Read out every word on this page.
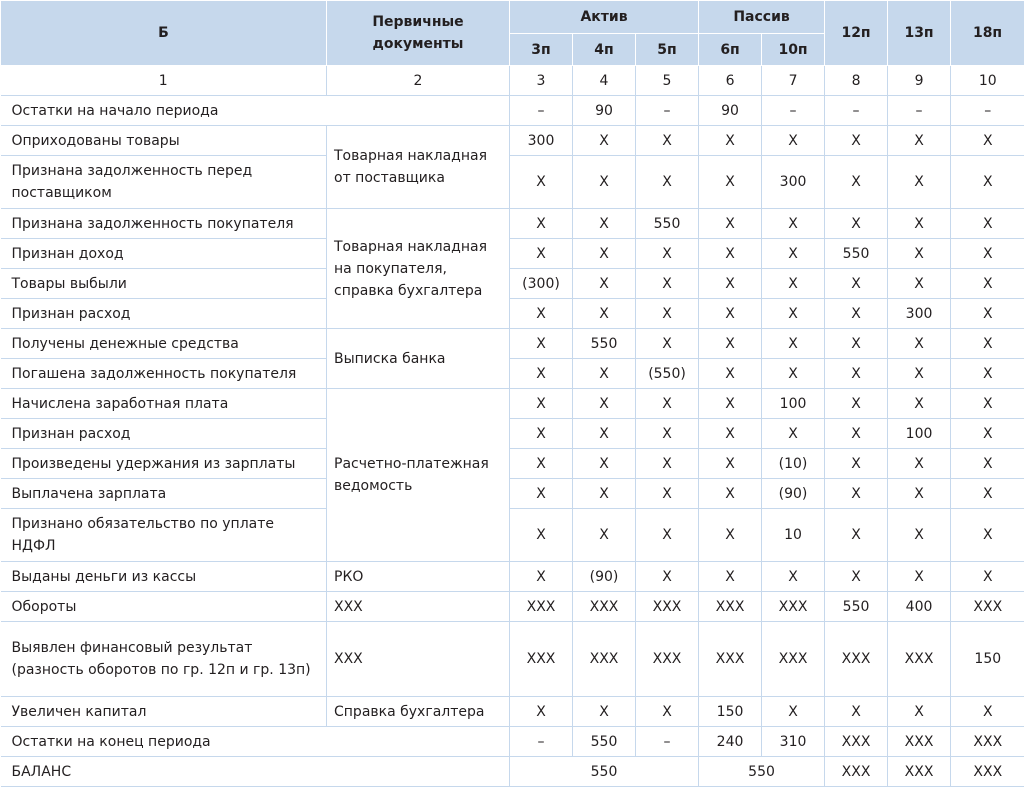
Б	Первичные документы	Актив			Пассив		12п	13п	18п
		3п	4п	5п	6п	10п			
1	2	3	4	5	6	7	8	9	10
Остатки на начало периода		–	90	–	90	–	–	–	–
Оприходованы товары	Товарная накладная от поставщика	300	Х	Х	Х	Х	Х	Х	Х
Признана задолженность перед поставщиком		Х	Х	Х	Х	300	Х	Х	Х
Признана задолженность покупателя	Товарная накладная на покупателя, справка бухгалтера	Х	Х	550	Х	Х	Х	Х	Х
Признан доход		Х	Х	Х	Х	Х	550	Х	Х
Товары выбыли		(300)	Х	Х	Х	Х	Х	Х	Х
Признан расход		Х	Х	Х	Х	Х	Х	300	Х
Получены денежные средства	Выписка банка	Х	550	Х	Х	Х	Х	Х	Х
Погашена задолженность покупателя		Х	Х	(550)	Х	Х	Х	Х	Х
Начислена заработная плата	Расчетно-платежная ведомость	Х	Х	Х	Х	100	Х	Х	Х
Признан расход		Х	Х	Х	Х	Х	Х	100	Х
Произведены удержания из зарплаты		Х	Х	Х	Х	(10)	Х	Х	Х
Выплачена зарплата		Х	Х	Х	Х	(90)	Х	Х	Х
Признано обязательство по уплате НДФЛ		Х	Х	Х	Х	10	Х	Х	Х
Выданы деньги из кассы	РКО	Х	(90)	Х	Х	Х	Х	Х	Х
Обороты	ХХХ	ХХХ	ХХХ	ХХХ	ХХХ	ХХХ	550	400	ХХХ
Выявлен финансовый результат (разность оборотов по гр. 12п и гр. 13п)	ХХХ	ХХХ	ХХХ	ХХХ	ХХХ	ХХХ	ХХХ	ХХХ	150
Увеличен капитал	Справка бухгалтера	Х	Х	Х	150	Х	Х	Х	Х
Остатки на конец периода		–	550	–	240	310	ХХХ	ХХХ	ХХХ
БАЛАНС		550			550		ХХХ	ХХХ	ХХХ
